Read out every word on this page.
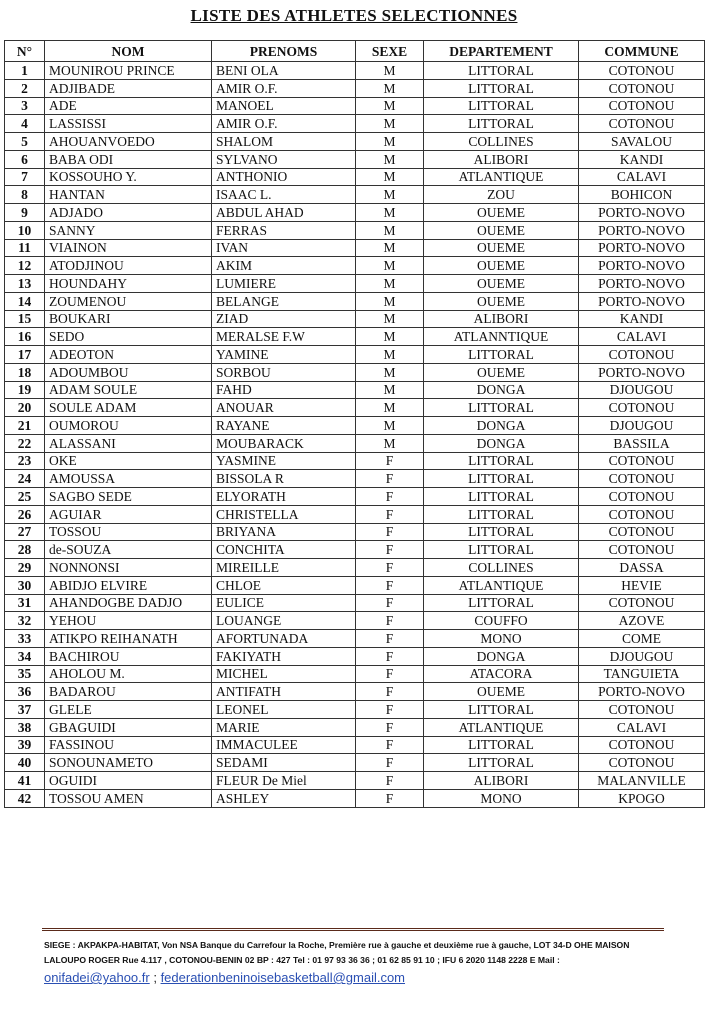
LISTE DES ATHLETES SELECTIONNES
N°	NOM	PRENOMS	SEXE	DEPARTEMENT	COMMUNE
1	MOUNIROU PRINCE	BENI OLA	M	LITTORAL	COTONOU
2	ADJIBADE	AMIR O.F.	M	LITTORAL	COTONOU
3	ADE	MANOEL	M	LITTORAL	COTONOU
4	LASSISSI	AMIR O.F.	M	LITTORAL	COTONOU
5	AHOUANVOEDO	SHALOM	M	COLLINES	SAVALOU
6	BABA ODI	SYLVANO	M	ALIBORI	KANDI
7	KOSSOUHO Y.	ANTHONIO	M	ATLANTIQUE	CALAVI
8	HANTAN	ISAAC L.	M	ZOU	BOHICON
9	ADJADO	ABDUL AHAD	M	OUEME	PORTO-NOVO
10	SANNY	FERRAS	M	OUEME	PORTO-NOVO
11	VIAINON	IVAN	M	OUEME	PORTO-NOVO
12	ATODJINOU	AKIM	M	OUEME	PORTO-NOVO
13	HOUNDAHY	LUMIERE	M	OUEME	PORTO-NOVO
14	ZOUMENOU	BELANGE	M	OUEME	PORTO-NOVO
15	BOUKARI	ZIAD	M	ALIBORI	KANDI
16	SEDO	MERALSE F.W	M	ATLANNTIQUE	CALAVI
17	ADEOTON	YAMINE	M	LITTORAL	COTONOU
18	ADOUMBOU	SORBOU	M	OUEME	PORTO-NOVO
19	ADAM SOULE	FAHD	M	DONGA	DJOUGOU
20	SOULE ADAM	ANOUAR	M	LITTORAL	COTONOU
21	OUMOROU	RAYANE	M	DONGA	DJOUGOU
22	ALASSANI	MOUBARACK	M	DONGA	BASSILA
23	OKE	YASMINE	F	LITTORAL	COTONOU
24	AMOUSSA	BISSOLA R	F	LITTORAL	COTONOU
25	SAGBO SEDE	ELYORATH	F	LITTORAL	COTONOU
26	AGUIAR	CHRISTELLA	F	LITTORAL	COTONOU
27	TOSSOU	BRIYANA	F	LITTORAL	COTONOU
28	de-SOUZA	CONCHITA	F	LITTORAL	COTONOU
29	NONNONSI	MIREILLE	F	COLLINES	DASSA
30	ABIDJO ELVIRE	CHLOE	F	ATLANTIQUE	HEVIE
31	AHANDOGBE DADJO	EULICE	F	LITTORAL	COTONOU
32	YEHOU	LOUANGE	F	COUFFO	AZOVE
33	ATIKPO REIHANATH	AFORTUNADA	F	MONO	COME
34	BACHIROU	FAKIYATH	F	DONGA	DJOUGOU
35	AHOLOU M.	MICHEL	F	ATACORA	TANGUIETA
36	BADAROU	ANTIFATH	F	OUEME	PORTO-NOVO
37	GLELE	LEONEL	F	LITTORAL	COTONOU
38	GBAGUIDI	MARIE	F	ATLANTIQUE	CALAVI
39	FASSINOU	IMMACULEE	F	LITTORAL	COTONOU
40	SONOUNAMETO	SEDAMI	F	LITTORAL	COTONOU
41	OGUIDI	FLEUR De Miel	F	ALIBORI	MALANVILLE
42	TOSSOU AMEN	ASHLEY	F	MONO	KPOGO
SIEGE : AKPAKPA-HABITAT, Von NSA Banque du Carrefour la Roche, Première rue à gauche et deuxième rue à gauche, LOT 34-D OHE MAISON
LALOUPO ROGER Rue 4.117 , COTONOU-BENIN 02 BP : 427 Tel : 01 97 93 36 36 ; 01 62 85 91 10 ; IFU 6 2020 1148 2228 E Mail :
onifadei@yahoo.fr ; federationbeninoisebasketball@gmail.com
